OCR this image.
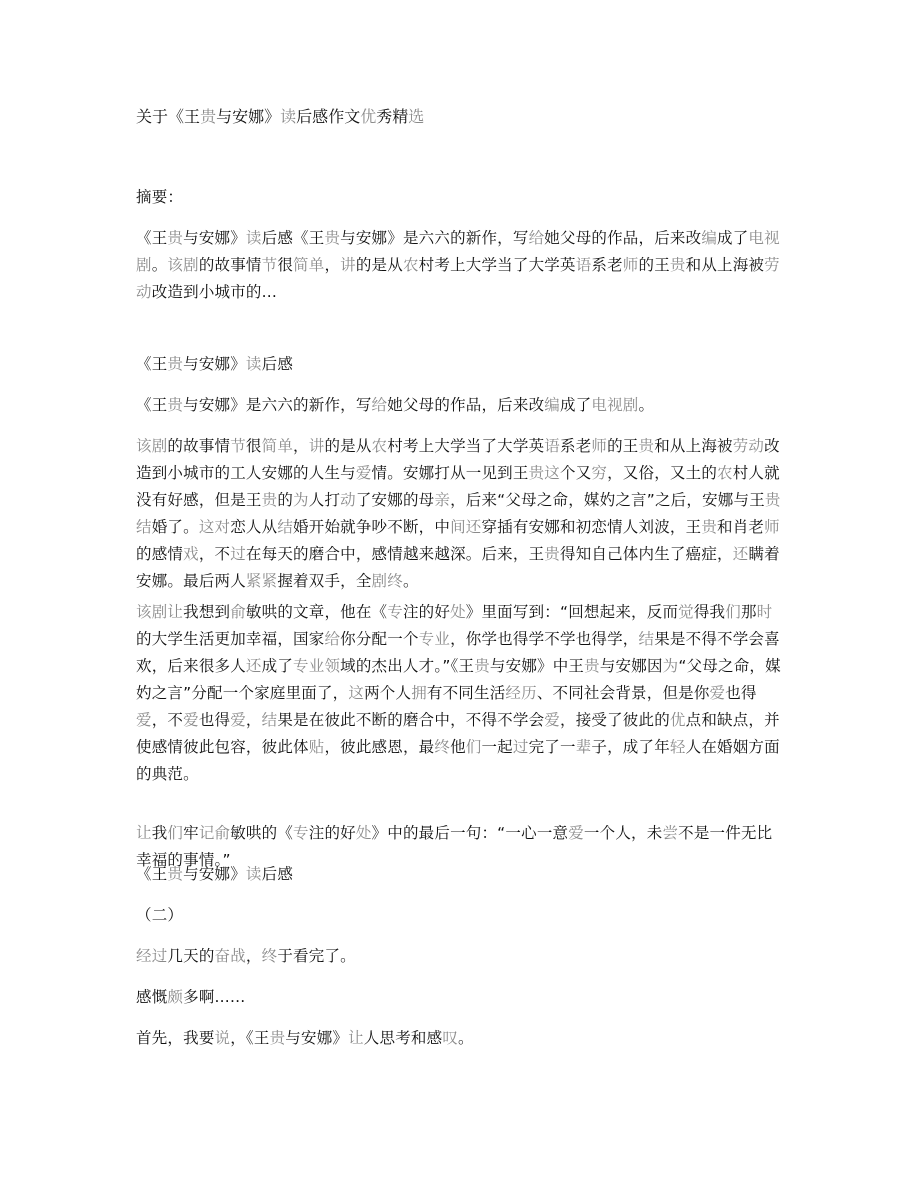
关于《王贵与安娜》读后感作文优秀精选
摘要：
《王贵与安娜》读后感《王贵与安娜》是六六的新作，写给她父母的作品，后来改编成了电视剧。该剧的故事情节很简单，讲的是从农村考上大学当了大学英语系老师的王贵和从上海被劳动改造到小城市的...
《王贵与安娜》读后感
《王贵与安娜》是六六的新作，写给她父母的作品，后来改编成了电视剧。
该剧的故事情节很简单，讲的是从农村考上大学当了大学英语系老师的王贵和从上海被劳动改造到小城市的工人安娜的人生与爱情。安娜打从一见到王贵这个又穷，又俗，又土的农村人就没有好感，但是王贵的为人打动了安娜的母亲，后来“父母之命，媒妁之言”之后，安娜与王贵结婚了。这对恋人从结婚开始就争吵不断，中间还穿插有安娜和初恋情人刘波，王贵和肖老师的感情戏，不过在每天的磨合中，感情越来越深。后来，王贵得知自己体内生了癌症，还瞒着安娜。最后两人紧紧握着双手，全剧终。
该剧让我想到俞敏哄的文章，他在《专注的好处》里面写到：“回想起来，反而觉得我们那时的大学生活更加幸福，国家给你分配一个专业，你学也得学不学也得学，结果是不得不学会喜欢，后来很多人还成了专业领域的杰出人才。”《王贵与安娜》中王贵与安娜因为“父母之命，媒妁之言”分配一个家庭里面了，这两个人拥有不同生活经历、不同社会背景，但是你爱也得爱，不爱也得爱，结果是在彼此不断的磨合中，不得不学会爱，接受了彼此的优点和缺点，并使感情彼此包容，彼此体贴，彼此感恩，最终他们一起过完了一辈子，成了年轻人在婚姻方面的典范。
让我们牢记俞敏哄的《专注的好处》中的最后一句：“一心一意爱一个人，未尝不是一件无比幸福的事情。”
《王贵与安娜》读后感
（二）
经过几天的奋战，终于看完了。
感慨颇多啊......
首先，我要说，《王贵与安娜》让人思考和感叹。
